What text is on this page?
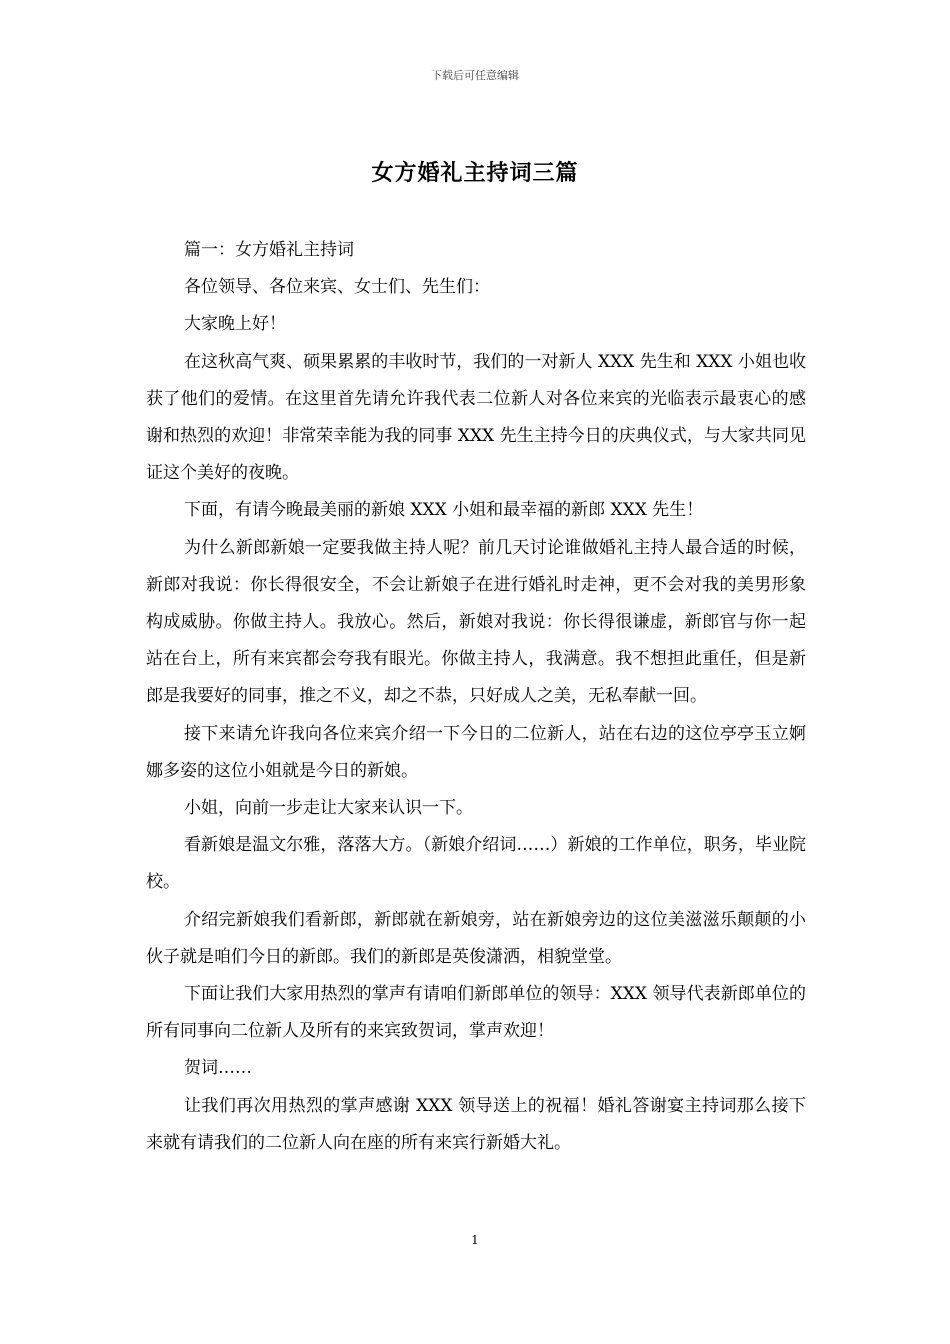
下载后可任意编辑
女方婚礼主持词三篇

篇一：女方婚礼主持词

各位领导、各位来宾、女士们、先生们：

大家晚上好！

在这秋高气爽、硕果累累的丰收时节，我们的一对新人 XXX 先生和 XXX 小姐也收获了他们的爱情。在这里首先请允许我代表二位新人对各位来宾的光临表示最衷心的感谢和热烈的欢迎！非常荣幸能为我的同事 XXX 先生主持今日的庆典仪式，与大家共同见证这个美好的夜晚。

下面，有请今晚最美丽的新娘 XXX 小姐和最幸福的新郎 XXX 先生！

为什么新郎新娘一定要我做主持人呢？前几天讨论谁做婚礼主持人最合适的时候，新郎对我说：你长得很安全，不会让新娘子在进行婚礼时走神，更不会对我的美男形象构成威胁。你做主持人。我放心。然后，新娘对我说：你长得很谦虚，新郎官与你一起站在台上，所有来宾都会夸我有眼光。你做主持人，我满意。我不想担此重任，但是新郎是我要好的同事，推之不义，却之不恭，只好成人之美，无私奉献一回。

接下来请允许我向各位来宾介绍一下今日的二位新人，站在右边的这位亭亭玉立婀娜多姿的这位小姐就是今日的新娘。

小姐，向前一步走让大家来认识一下。

看新娘是温文尔雅，落落大方。（新娘介绍词……）新娘的工作单位，职务，毕业院校。

介绍完新娘我们看新郎，新郎就在新娘旁，站在新娘旁边的这位美滋滋乐颠颠的小伙子就是咱们今日的新郎。我们的新郎是英俊潇洒，相貌堂堂。

下面让我们大家用热烈的掌声有请咱们新郎单位的领导：XXX 领导代表新郎单位的所有同事向二位新人及所有的来宾致贺词，掌声欢迎！

贺词……

让我们再次用热烈的掌声感谢 XXX 领导送上的祝福！婚礼答谢宴主持词那么接下来就有请我们的二位新人向在座的所有来宾行新婚大礼。

1
